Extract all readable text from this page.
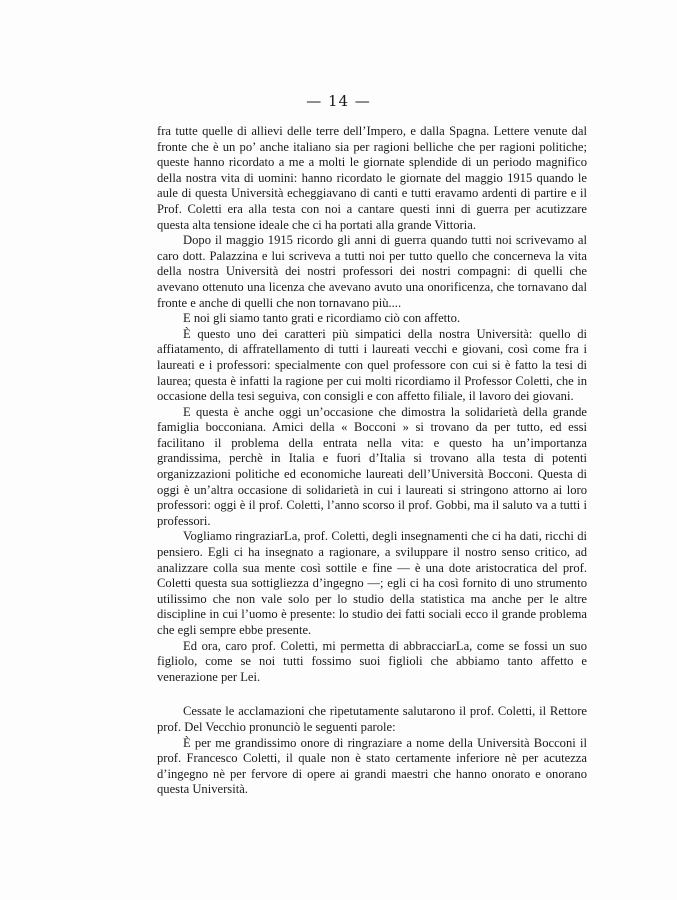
— 14 —

fra tutte quelle di allievi delle terre dell’Impero, e dalla Spagna. Lettere venute dal fronte che è un po’ anche italiano sia per ragioni belliche che per ragioni politiche; queste hanno ricordato a me a molti le giornate splendide di un periodo magnifico della nostra vita di uomini: hanno ricordato le giornate del maggio 1915 quando le aule di questa Università echeggiavano di canti e tutti eravamo ardenti di partire e il Prof. Coletti era alla testa con noi a cantare questi inni di guerra per acutizzare questa alta tensione ideale che ci ha portati alla grande Vittoria.

Dopo il maggio 1915 ricordo gli anni di guerra quando tutti noi scrivevamo al caro dott. Palazzina e lui scriveva a tutti noi per tutto quello che concerneva la vita della nostra Università dei nostri professori dei nostri compagni: di quelli che avevano ottenuto una licenza che avevano avuto una onorificenza, che tornavano dal fronte e anche di quelli che non tornavano più....

E noi gli siamo tanto grati e ricordiamo ciò con affetto.

È questo uno dei caratteri più simpatici della nostra Università: quello di affiatamento, di affratellamento di tutti i laureati vecchi e giovani, così come fra i laureati e i professori: specialmente con quel professore con cui si è fatto la tesi di laurea; questa è infatti la ragione per cui molti ricordiamo il Professor Coletti, che in occasione della tesi seguiva, con consigli e con affetto filiale, il lavoro dei giovani.

E questa è anche oggi un’occasione che dimostra la solidarietà della grande famiglia bocconiana. Amici della « Bocconi » si trovano da per tutto, ed essi facilitano il problema della entrata nella vita: e questo ha un’importanza grandissima, perchè in Italia e fuori d’Italia si trovano alla testa di potenti organizzazioni politiche ed economiche laureati dell’Università Bocconi. Questa di oggi è un’altra occasione di solidarietà in cui i laureati si stringono attorno ai loro professori: oggi è il prof. Coletti, l’anno scorso il prof. Gobbi, ma il saluto va a tutti i professori.

Vogliamo ringraziarLa, prof. Coletti, degli insegnamenti che ci ha dati, ricchi di pensiero. Egli ci ha insegnato a ragionare, a sviluppare il nostro senso critico, ad analizzare colla sua mente così sottile e fine — è una dote aristocratica del prof. Coletti questa sua sottigliezza d’ingegno —; egli ci ha così fornito di uno strumento utilissimo che non vale solo per lo studio della statistica ma anche per le altre discipline in cui l’uomo è presente: lo studio dei fatti sociali ecco il grande problema che egli sempre ebbe presente.

Ed ora, caro prof. Coletti, mi permetta di abbracciarLa, come se fossi un suo figliolo, come se noi tutti fossimo suoi figlioli che abbiamo tanto affetto e venerazione per Lei.

Cessate le acclamazioni che ripetutamente salutarono il prof. Coletti, il Rettore prof. Del Vecchio pronunciò le seguenti parole:

È per me grandissimo onore di ringraziare a nome della Università Bocconi il prof. Francesco Coletti, il quale non è stato certamente inferiore nè per acutezza d’ingegno nè per fervore di opere ai grandi maestri che hanno onorato e onorano questa Università.
